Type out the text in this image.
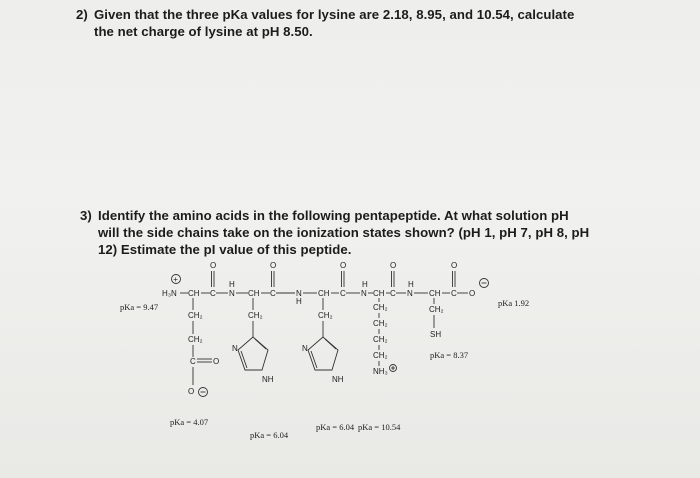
2) Given that the three pKa values for lysine are 2.18, 8.95, and 10.54, calculate
the net charge of lysine at pH 8.50.
3) Identify the amino acids in the following pentapeptide. At what solution pH
will the side chains take on the ionization states shown? (pH 1, pH 7, pH 8, pH
12) Estimate the pI value of this peptide.
+
H₃N CH C N
H
CH C	N
H
CH C N
H
CH C N
H
CH C O
O	O	O	O	O
CH₂
CH₂
C O
O
pKa = 9.47
pKa = 4.07
CH₂
N
NH
pKa = 6.04
CH₂
N
NH
pKa = 6.04
CH₂
CH₂
CH₂
CH₂
NH₃
pKa = 10.54
CH₂
SH
pKa = 8.37
pKa 1.92
